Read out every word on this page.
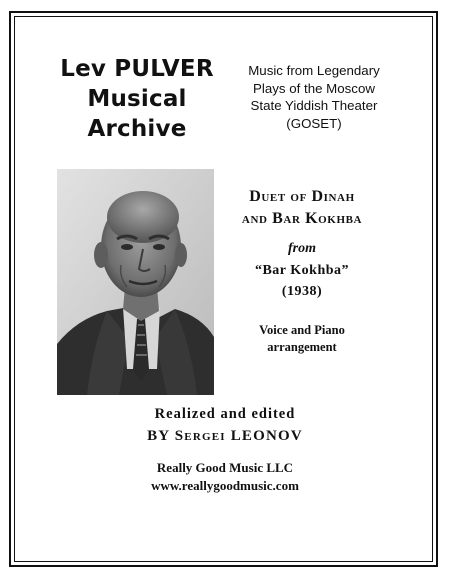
Lev PULVER
Musical
Archive
Music from Legendary
Plays of the Moscow
State Yiddish Theater
(GOSET)
Duet of Dinah
and Bar Kokhba
from
“Bar Kokhba”
(1938)
Voice and Piano
arrangement
Realized and edited
BY Sergei LEONOV
Really Good Music LLC
www.reallygoodmusic.com
